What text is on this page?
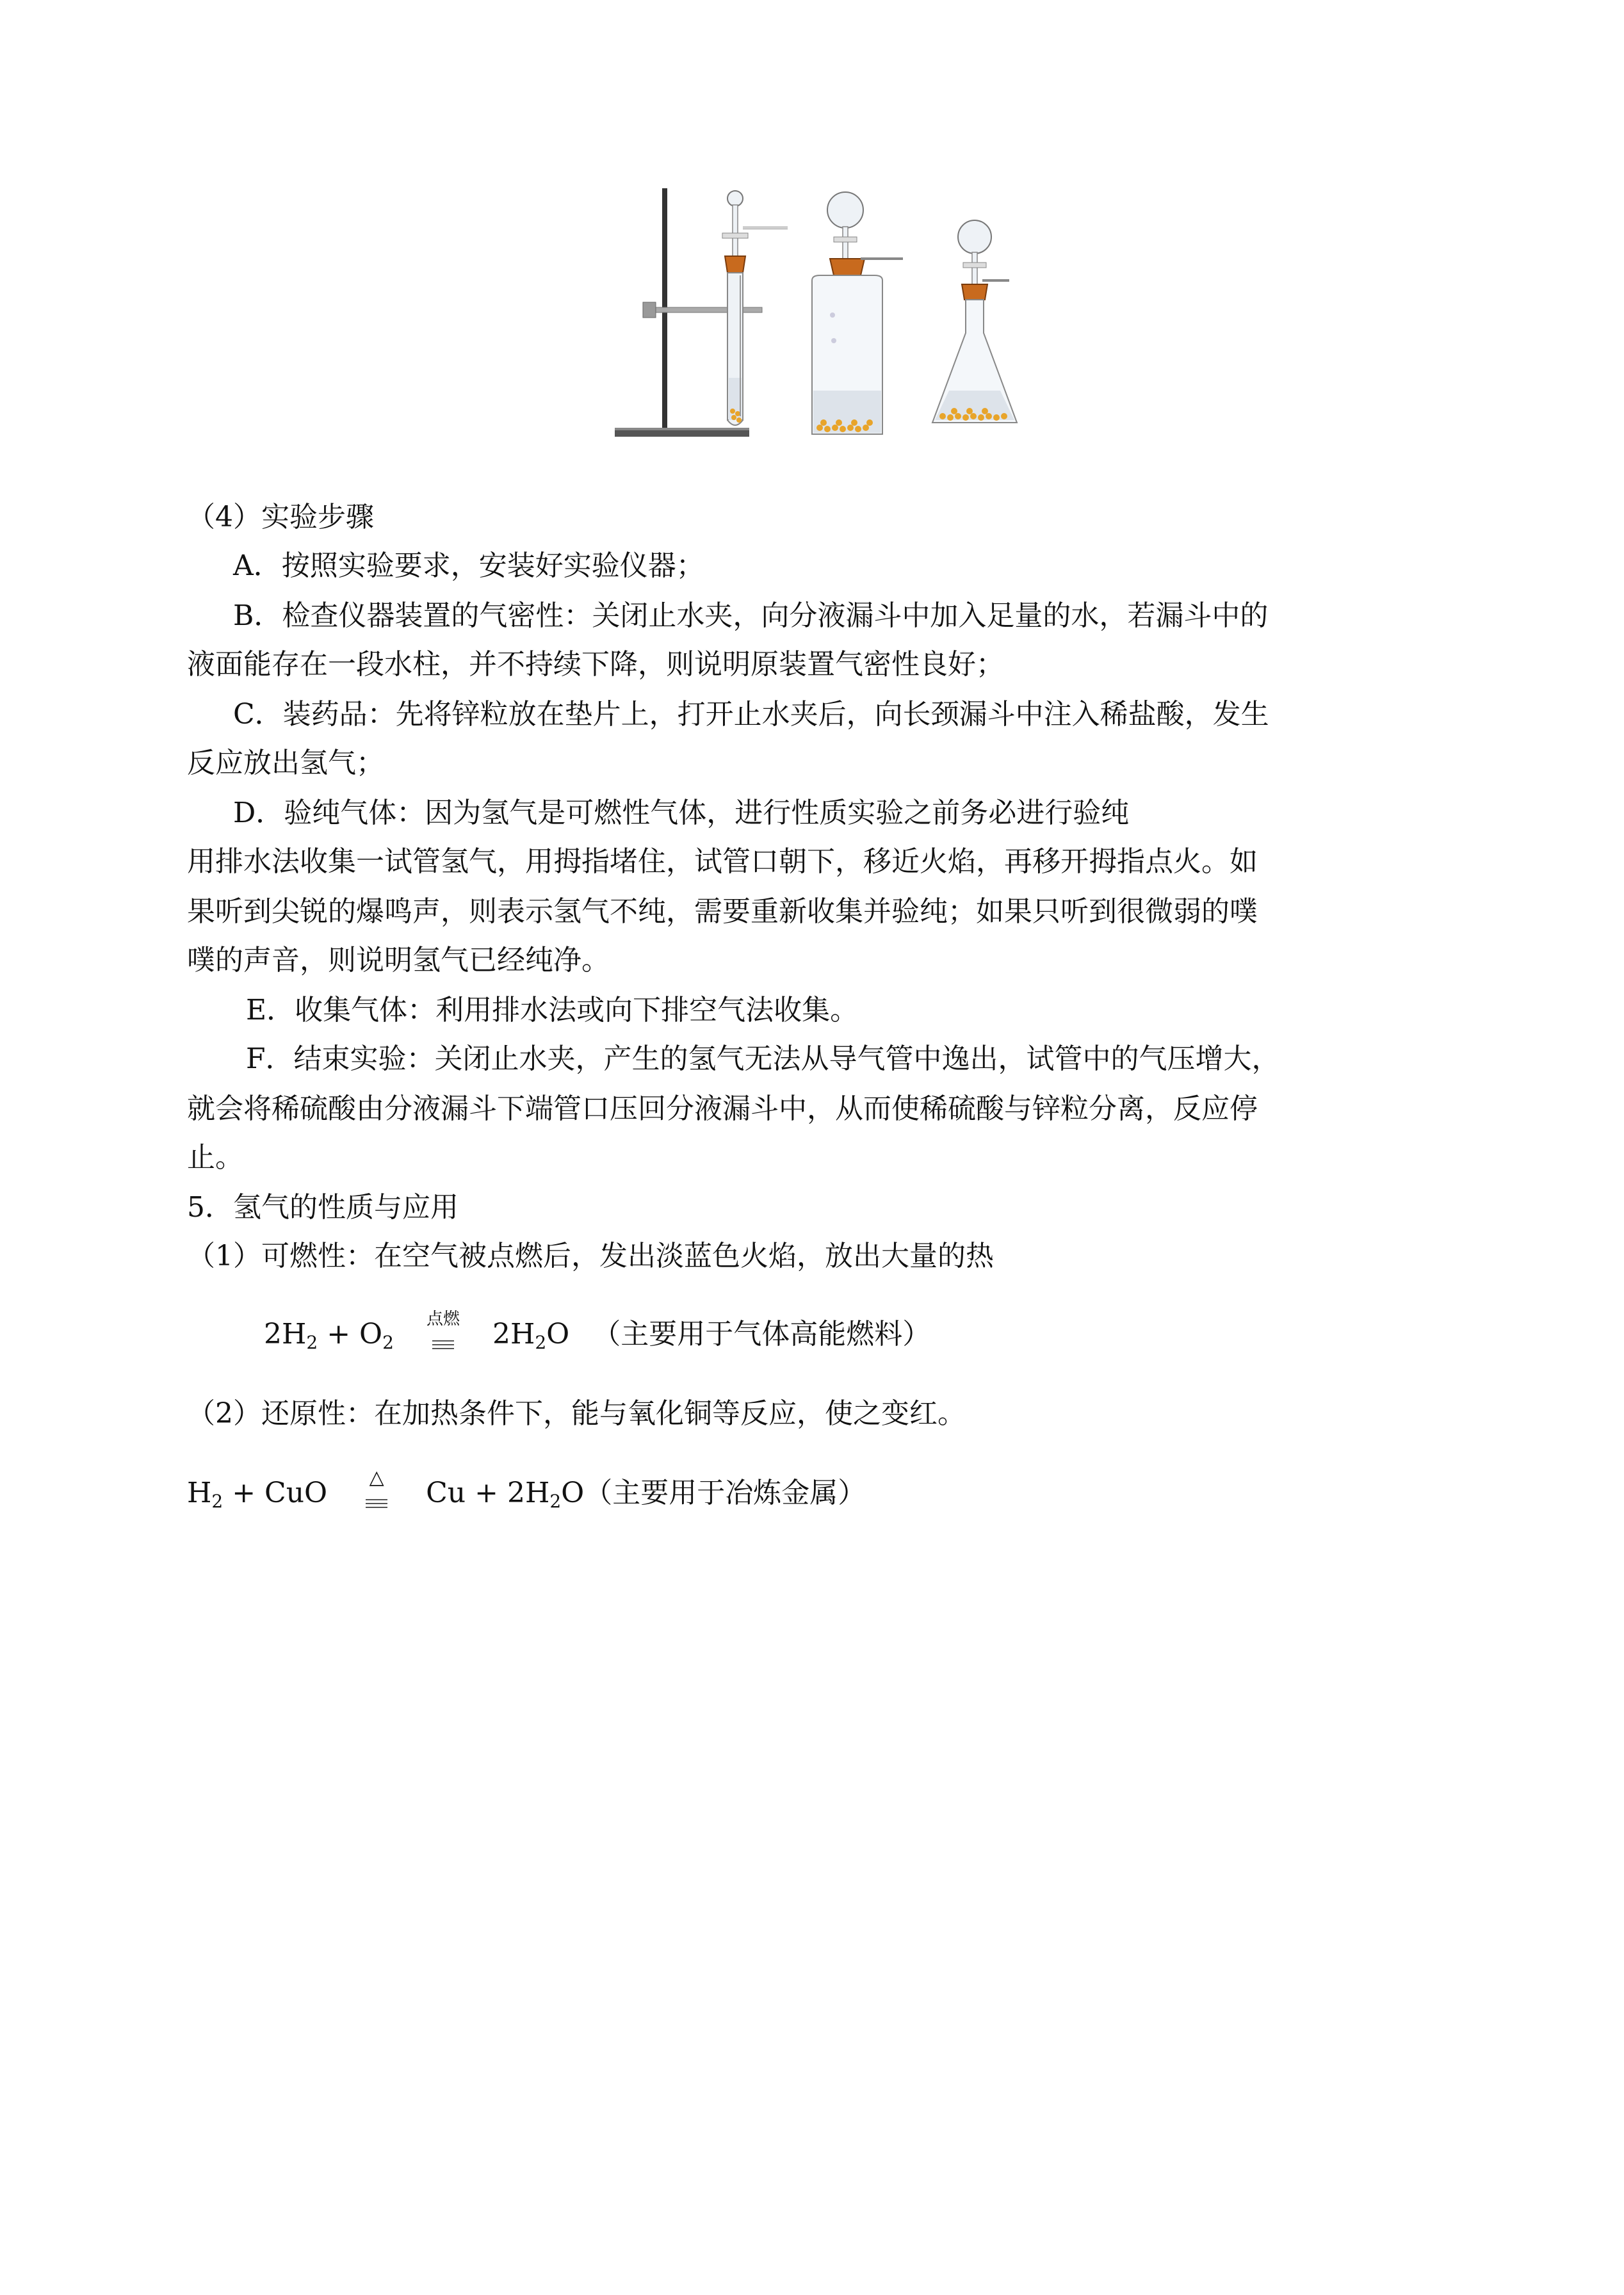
（4）实验步骤
A．按照实验要求，安装好实验仪器；
B．检查仪器装置的气密性：关闭止水夹，向分液漏斗中加入足量的水，若漏斗中的
液面能存在一段水柱，并不持续下降，则说明原装置气密性良好；
C．装药品：先将锌粒放在垫片上，打开止水夹后，向长颈漏斗中注入稀盐酸，发生
反应放出氢气；
D．验纯气体：因为氢气是可燃性气体，进行性质实验之前务必进行验纯
用排水法收集一试管氢气，用拇指堵住，试管口朝下，移近火焰，再移开拇指点火。如
果听到尖锐的爆鸣声，则表示氢气不纯，需要重新收集并验纯；如果只听到很微弱的噗
噗的声音，则说明氢气已经纯净。
E．收集气体：利用排水法或向下排空气法收集。
F．结束实验：关闭止水夹，产生的氢气无法从导气管中逸出，试管中的气压增大，
就会将稀硫酸由分液漏斗下端管口压回分液漏斗中，从而使稀硫酸与锌粒分离，反应停
止。
5．氢气的性质与应用
（1）可燃性：在空气被点燃后，发出淡蓝色火焰，放出大量的热
$2H_2 + O_2$
点燃	$2H_2O$ （主要用于气体高能燃料）
（2）还原性：在加热条件下，能与氧化铜等反应，使之变红。
$H_2$ + CuO	△	$Cu + 2H_2O$（主要用于冶炼金属）
